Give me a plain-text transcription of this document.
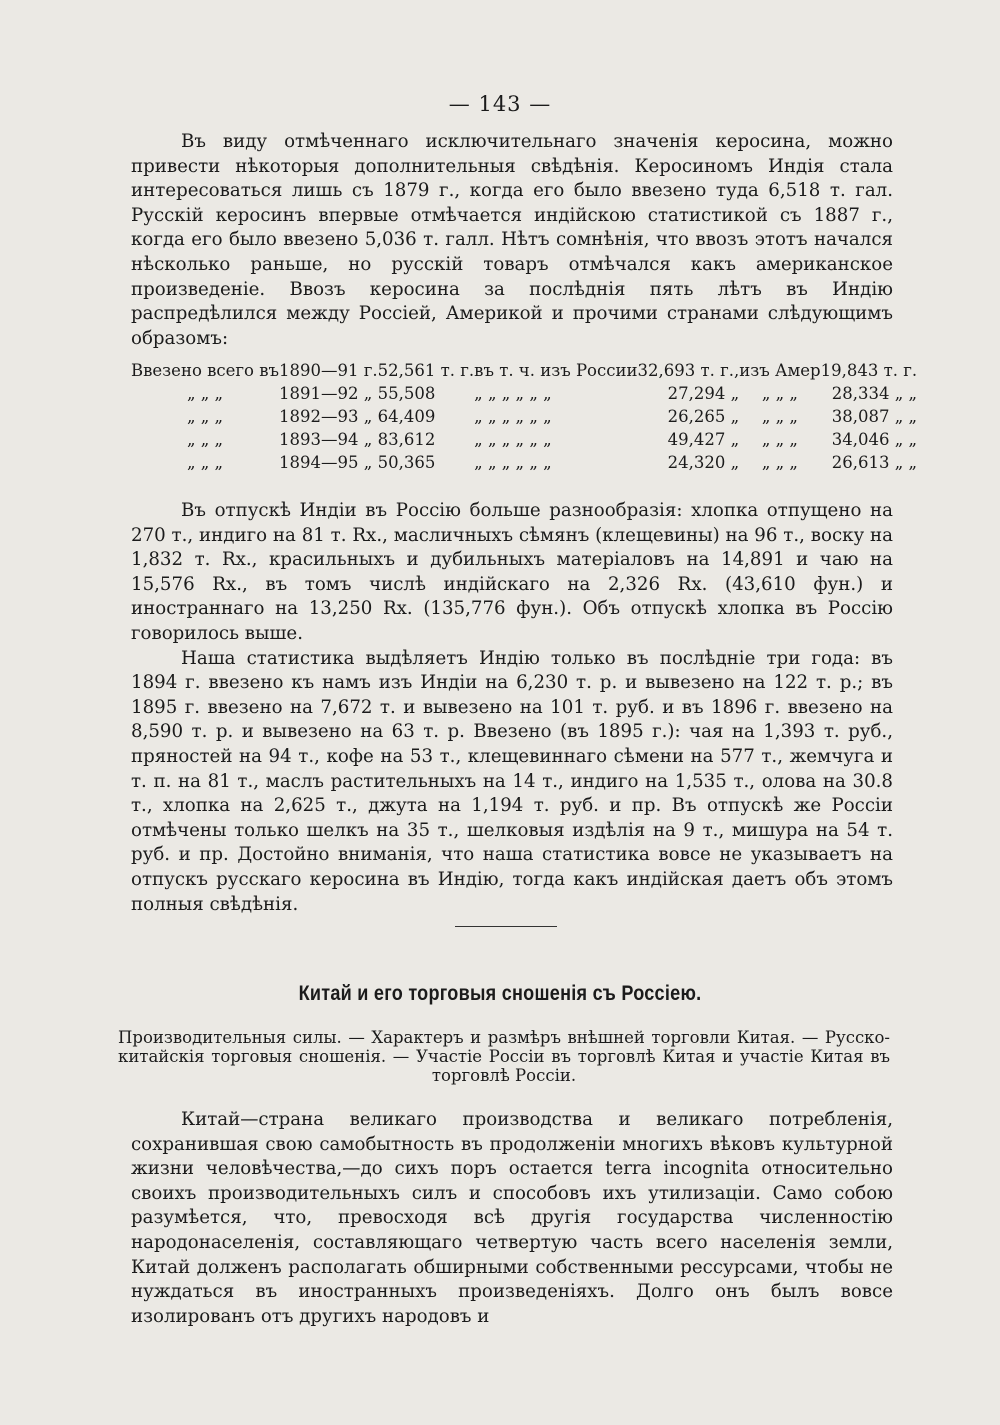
— 143 —

Въ виду отмѣченнаго исключительнаго значенія керосина, можно привести нѣкоторыя дополнительныя свѣдѣнія. Керосиномъ Индія стала интересоваться лишь съ 1879 г., когда его было ввезено туда 6,518 т. гал. Русскій керосинъ впервые отмѣчается индійскою статистикой съ 1887 г., когда его было ввезено 5,036 т. галл. Нѣтъ сомнѣнія, что ввозъ этотъ начался нѣсколько раньше, но русскій товаръ отмѣчался какъ американское произведеніе. Ввозъ керосина за послѣднія пять лѣтъ въ Индію распредѣлился между Россіей, Америкой и прочими странами слѣдующимъ образомъ:

Ввезено всего въ	1890—91 г.	52,561 т. г.	въ т. ч. изъ России	32,693 т. г.,	изъ Амер	19,843 т. г.
„ „ „	1891—92 „	55,508	„ „ „ „ „ „	27,294 „	„ „ „	28,334 „ „
„ „ „	1892—93 „	64,409	„ „ „ „ „ „	26,265 „	„ „ „	38,087 „ „
„ „ „	1893—94 „	83,612	„ „ „ „ „ „	49,427 „	„ „ „	34,046 „ „
„ „ „	1894—95 „	50,365	„ „ „ „ „ „	24,320 „	„ „ „	26,613 „ „

Въ отпускѣ Индіи въ Россію больше разнообразія: хлопка отпущено на 270 т., индиго на 81 т. Rx., масличныхъ сѣмянъ (клещевины) на 96 т., воску на 1,832 т. Rx., красильныхъ и дубильныхъ матеріаловъ на 14,891 и чаю на 15,576 Rx., въ томъ числѣ индійскаго на 2,326 Rx. (43,610 фун.) и иностраннаго на 13,250 Rx. (135,776 фун.). Объ отпускѣ хлопка въ Россію говорилось выше.

Наша статистика выдѣляетъ Индію только въ послѣдніе три года: въ 1894 г. ввезено къ намъ изъ Индіи на 6,230 т. р. и вывезено на 122 т. р.; въ 1895 г. ввезено на 7,672 т. и вывезено на 101 т. руб. и въ 1896 г. ввезено на 8,590 т. р. и вывезено на 63 т. р. Ввезено (въ 1895 г.): чая на 1,393 т. руб., пряностей на 94 т., кофе на 53 т., клещевиннаго сѣмени на 577 т., жемчуга и т. п. на 81 т., маслъ растительныхъ на 14 т., индиго на 1,535 т., олова на 30.8 т., хлопка на 2,625 т., джута на 1,194 т. руб. и пр. Въ отпускѣ же Россіи отмѣчены только шелкъ на 35 т., шелковыя издѣлія на 9 т., мишура на 54 т. руб. и пр. Достойно вниманія, что наша статистика вовсе не указываетъ на отпускъ русскаго керосина въ Индію, тогда какъ индійская даетъ объ этомъ полныя свѣдѣнія.

Китай и его торговыя сношенія съ Россіею.
Производительныя силы. — Характеръ и размѣръ внѣшней торговли Китая. — Русско-китайскія торговыя сношенія. — Участіе Россіи въ торговлѣ Китая и участіе Китая въ торговлѣ Россіи.

Китай—страна великаго производства и великаго потребленія, сохранившая свою самобытность въ продолженіи многихъ вѣковъ культурной жизни человѣчества,—до сихъ поръ остается terra incognita относительно своихъ производительныхъ силъ и способовъ ихъ утилизаціи. Само собою разумѣется, что, превосходя всѣ другія государства численностію народонаселенія, составляющаго четвертую часть всего населенія земли, Китай долженъ располагать обширными собственными рессурсами, чтобы не нуждаться въ иностранныхъ произведеніяхъ. Долго онъ былъ вовсе изолированъ отъ другихъ народовъ и
